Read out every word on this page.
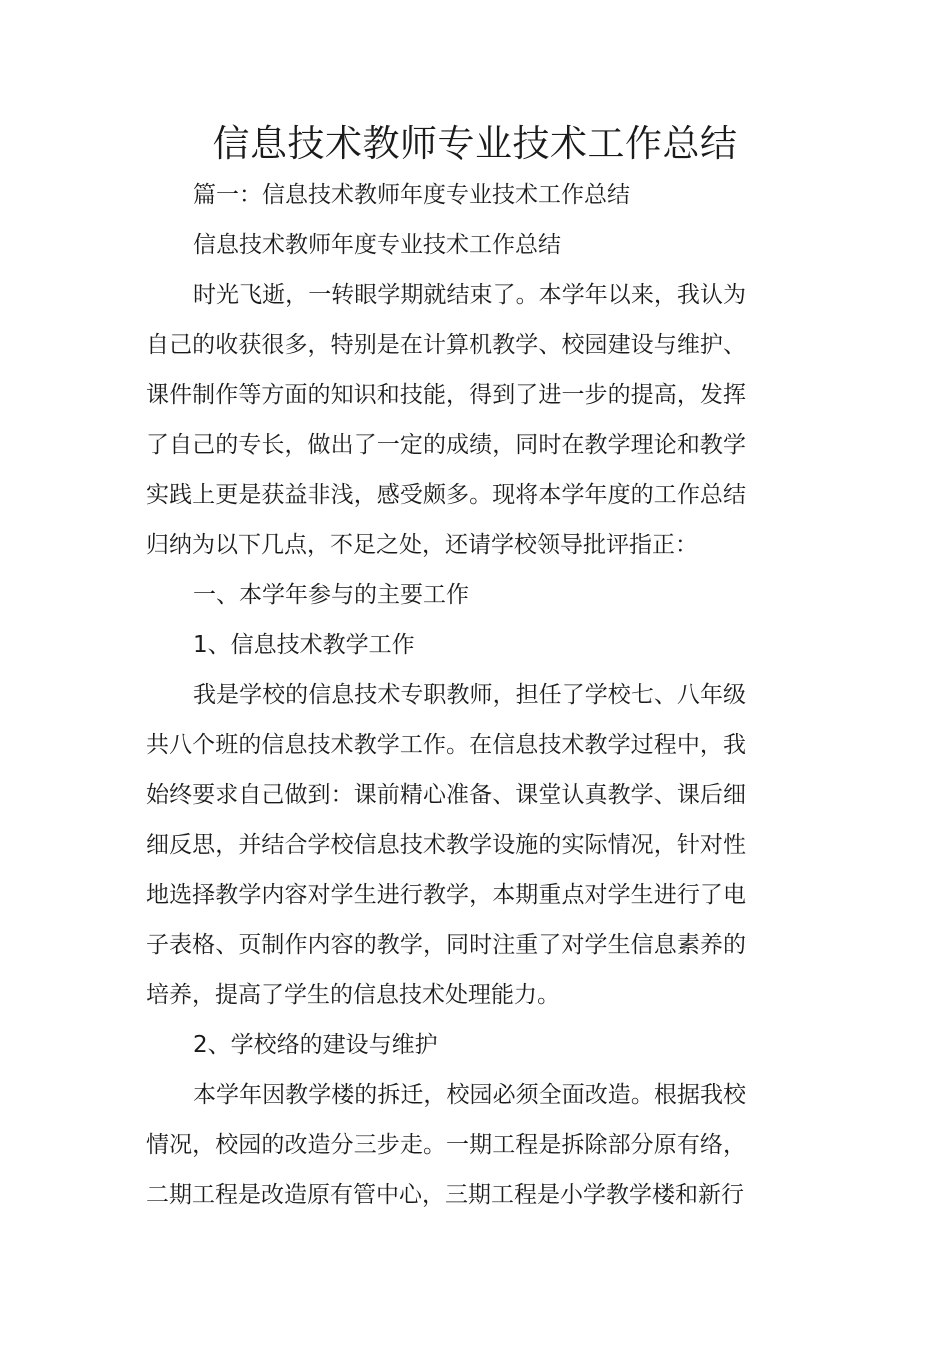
信息技术教师专业技术工作总结

篇一：信息技术教师年度专业技术工作总结

信息技术教师年度专业技术工作总结

时光飞逝，一转眼学期就结束了。本学年以来，我认为自己的收获很多，特别是在计算机教学、校园建设与维护、课件制作等方面的知识和技能，得到了进一步的提高，发挥了自己的专长，做出了一定的成绩，同时在教学理论和教学实践上更是获益非浅，感受颇多。现将本学年度的工作总结归纳为以下几点，不足之处，还请学校领导批评指正：

一、本学年参与的主要工作

1、信息技术教学工作

我是学校的信息技术专职教师，担任了学校七、八年级共八个班的信息技术教学工作。在信息技术教学过程中，我始终要求自己做到：课前精心准备、课堂认真教学、课后细细反思，并结合学校信息技术教学设施的实际情况，针对性地选择教学内容对学生进行教学，本期重点对学生进行了电子表格、页制作内容的教学，同时注重了对学生信息素养的培养，提高了学生的信息技术处理能力。

2、学校络的建设与维护

本学年因教学楼的拆迁，校园必须全面改造。根据我校情况，校园的改造分三步走。一期工程是拆除部分原有络，二期工程是改造原有管中心，三期工程是小学教学楼和新行
